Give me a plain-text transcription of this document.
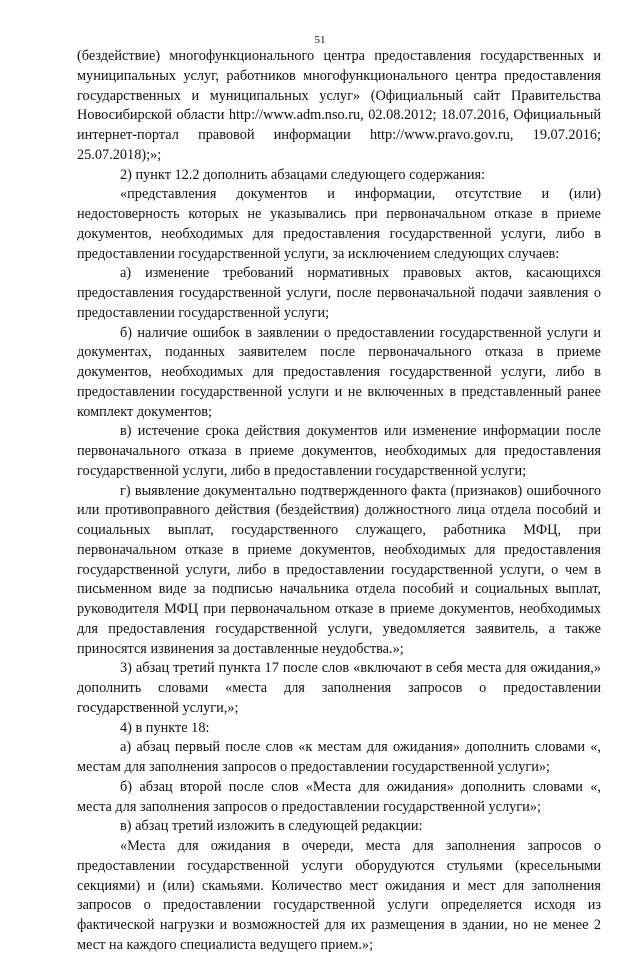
51

(бездействие) многофункционального центра предоставления государственных и муниципальных услуг, работников многофункционального центра предоставления государственных и муниципальных услуг» (Официальный сайт Правительства Новосибирской области http://www.adm.nso.ru, 02.08.2012; 18.07.2016, Официальный интернет-портал правовой информации http://www.pravo.gov.ru, 19.07.2016; 25.07.2018);»;

2) пункт 12.2 дополнить абзацами следующего содержания:

«представления документов и информации, отсутствие и (или) недостоверность которых не указывались при первоначальном отказе в приеме документов, необходимых для предоставления государственной услуги, либо в предоставлении государственной услуги, за исключением следующих случаев:

а) изменение требований нормативных правовых актов, касающихся предоставления государственной услуги, после первоначальной подачи заявления о предоставлении государственной услуги;

б) наличие ошибок в заявлении о предоставлении государственной услуги и документах, поданных заявителем после первоначального отказа в приеме документов, необходимых для предоставления государственной услуги, либо в предоставлении государственной услуги и не включенных в представленный ранее комплект документов;

в) истечение срока действия документов или изменение информации после первоначального отказа в приеме документов, необходимых для предоставления государственной услуги, либо в предоставлении государственной услуги;

г) выявление документально подтвержденного факта (признаков) ошибочного или противоправного действия (бездействия) должностного лица отдела пособий и социальных выплат, государственного служащего, работника МФЦ, при первоначальном отказе в приеме документов, необходимых для предоставления государственной услуги, либо в предоставлении государственной услуги, о чем в письменном виде за подписью начальника отдела пособий и социальных выплат, руководителя МФЦ при первоначальном отказе в приеме документов, необходимых для предоставления государственной услуги, уведомляется заявитель, а также приносятся извинения за доставленные неудобства.»;

3) абзац третий пункта 17 после слов «включают в себя места для ожидания,» дополнить словами «места для заполнения запросов о предоставлении государственной услуги,»;

4) в пункте 18:

а) абзац первый после слов «к местам для ожидания» дополнить словами «, местам для заполнения запросов о предоставлении государственной услуги»;

б) абзац второй после слов «Места для ожидания» дополнить словами «, места для заполнения запросов о предоставлении государственной услуги»;

в) абзац третий изложить в следующей редакции:

«Места для ожидания в очереди, места для заполнения запросов о предоставлении государственной услуги оборудуются стульями (кресельными секциями) и (или) скамьями. Количество мест ожидания и мест для заполнения запросов о предоставлении государственной услуги определяется исходя из фактической нагрузки и возможностей для их размещения в здании, но не менее 2 мест на каждого специалиста ведущего прием.»;
